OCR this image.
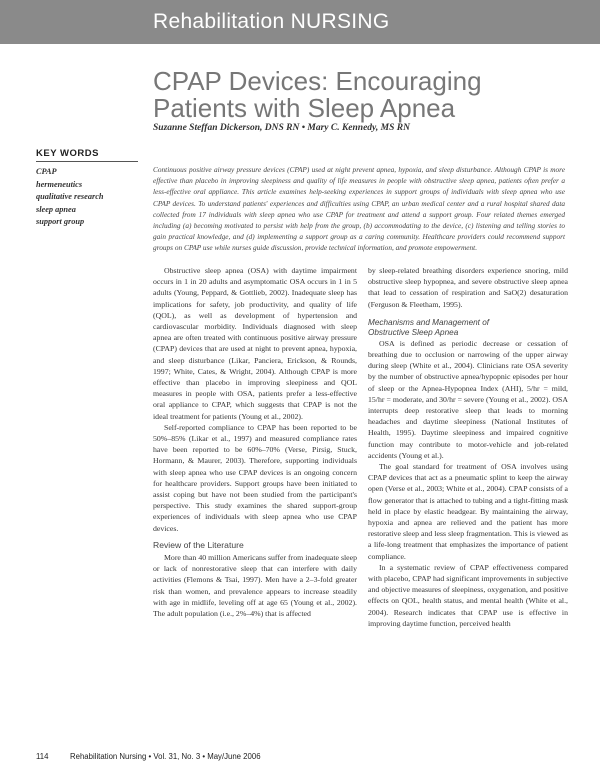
Rehabilitation NURSING
CPAP Devices: Encouraging
Patients with Sleep Apnea
Suzanne Steffan Dickerson, DNS RN • Mary C. Kennedy, MS RN
KEY WORDS
CPAP
hermeneutics
qualitative research
sleep apnea
support group
Continuous positive airway pressure devices (CPAP) used at night prevent apnea, hypoxia, and sleep disturbance. Although CPAP is more effective than placebo in improving sleepiness and quality of life measures in people with obstructive sleep apnea, patients often prefer a less-effective oral appliance. This article examines help-seeking experiences in support groups of individuals with sleep apnea who use CPAP devices. To understand patients' experiences and difficulties using CPAP, an urban medical center and a rural hospital shared data collected from 17 individuals with sleep apnea who use CPAP for treatment and attend a support group. Four related themes emerged including (a) becoming motivated to persist with help from the group, (b) accommodating to the device, (c) listening and telling stories to gain practical knowledge, and (d) implementing a support group as a caring community. Healthcare providers could recommend support groups on CPAP use while nurses guide discussion, provide technical information, and promote empowerment.

Obstructive sleep apnea (OSA) with daytime impairment occurs in 1 in 20 adults and asymptomatic OSA occurs in 1 in 5 adults (Young, Peppard, & Gottlieb, 2002). Inadequate sleep has implications for safety, job productivity, and quality of life (QOL), as well as development of hypertension and cardiovascular morbidity. Individuals diagnosed with sleep apnea are often treated with continuous positive airway pressure (CPAP) devices that are used at night to prevent apnea, hypoxia, and sleep disturbance (Likar, Panciera, Erickson, & Rounds, 1997; White, Cates, & Wright, 2004). Although CPAP is more effective than placebo in improving sleepiness and QOL measures in people with OSA, patients prefer a less-effective oral appliance to CPAP, which suggests that CPAP is not the ideal treatment for patients (Young et al., 2002).

Self-reported compliance to CPAP has been reported to be 50%–85% (Likar et al., 1997) and measured compliance rates have been reported to be 60%–70% (Verse, Pirsig, Stuck, Hormann, & Maurer, 2003). Therefore, supporting individuals with sleep apnea who use CPAP devices is an ongoing concern for healthcare providers. Support groups have been initiated to assist coping but have not been studied from the participant's perspective. This study examines the shared support-group experiences of individuals with sleep apnea who use CPAP devices.

Review of the Literature

More than 40 million Americans suffer from inadequate sleep or lack of nonrestorative sleep that can interfere with daily activities (Flemons & Tsai, 1997). Men have a 2–3-fold greater risk than women, and prevalence appears to increase steadily with age in midlife, leveling off at age 65 (Young et al., 2002). The adult population (i.e., 2%–4%) that is affected

by sleep-related breathing disorders experience snoring, mild obstructive sleep hypopnea, and severe obstructive sleep apnea that lead to cessation of respiration and SaO(2) desaturation (Ferguson & Fleetham, 1995).

Mechanisms and Management of
Obstructive Sleep Apnea

OSA is defined as periodic decrease or cessation of breathing due to occlusion or narrowing of the upper airway during sleep (White et al., 2004). Clinicians rate OSA severity by the number of obstructive apnea/hypopnic episodes per hour of sleep or the Apnea-Hypopnea Index (AHI), 5/hr = mild, 15/hr = moderate, and 30/hr = severe (Young et al., 2002). OSA interrupts deep restorative sleep that leads to morning headaches and daytime sleepiness (National Institutes of Health, 1995). Daytime sleepiness and impaired cognitive function may contribute to motor-vehicle and job-related accidents (Young et al.).

The goal standard for treatment of OSA involves using CPAP devices that act as a pneumatic splint to keep the airway open (Verse et al., 2003; White et al., 2004). CPAP consists of a flow generator that is attached to tubing and a tight-fitting mask held in place by elastic headgear. By maintaining the airway, hypoxia and apnea are relieved and the patient has more restorative sleep and less sleep fragmentation. This is viewed as a life-long treatment that emphasizes the importance of patient compliance.

In a systematic review of CPAP effectiveness compared with placebo, CPAP had significant improvements in subjective and objective measures of sleepiness, oxygenation, and positive effects on QOL, health status, and mental health (White et al., 2004). Research indicates that CPAP use is effective in improving daytime function, perceived health

114	Rehabilitation Nursing • Vol. 31, No. 3 • May/June 2006
